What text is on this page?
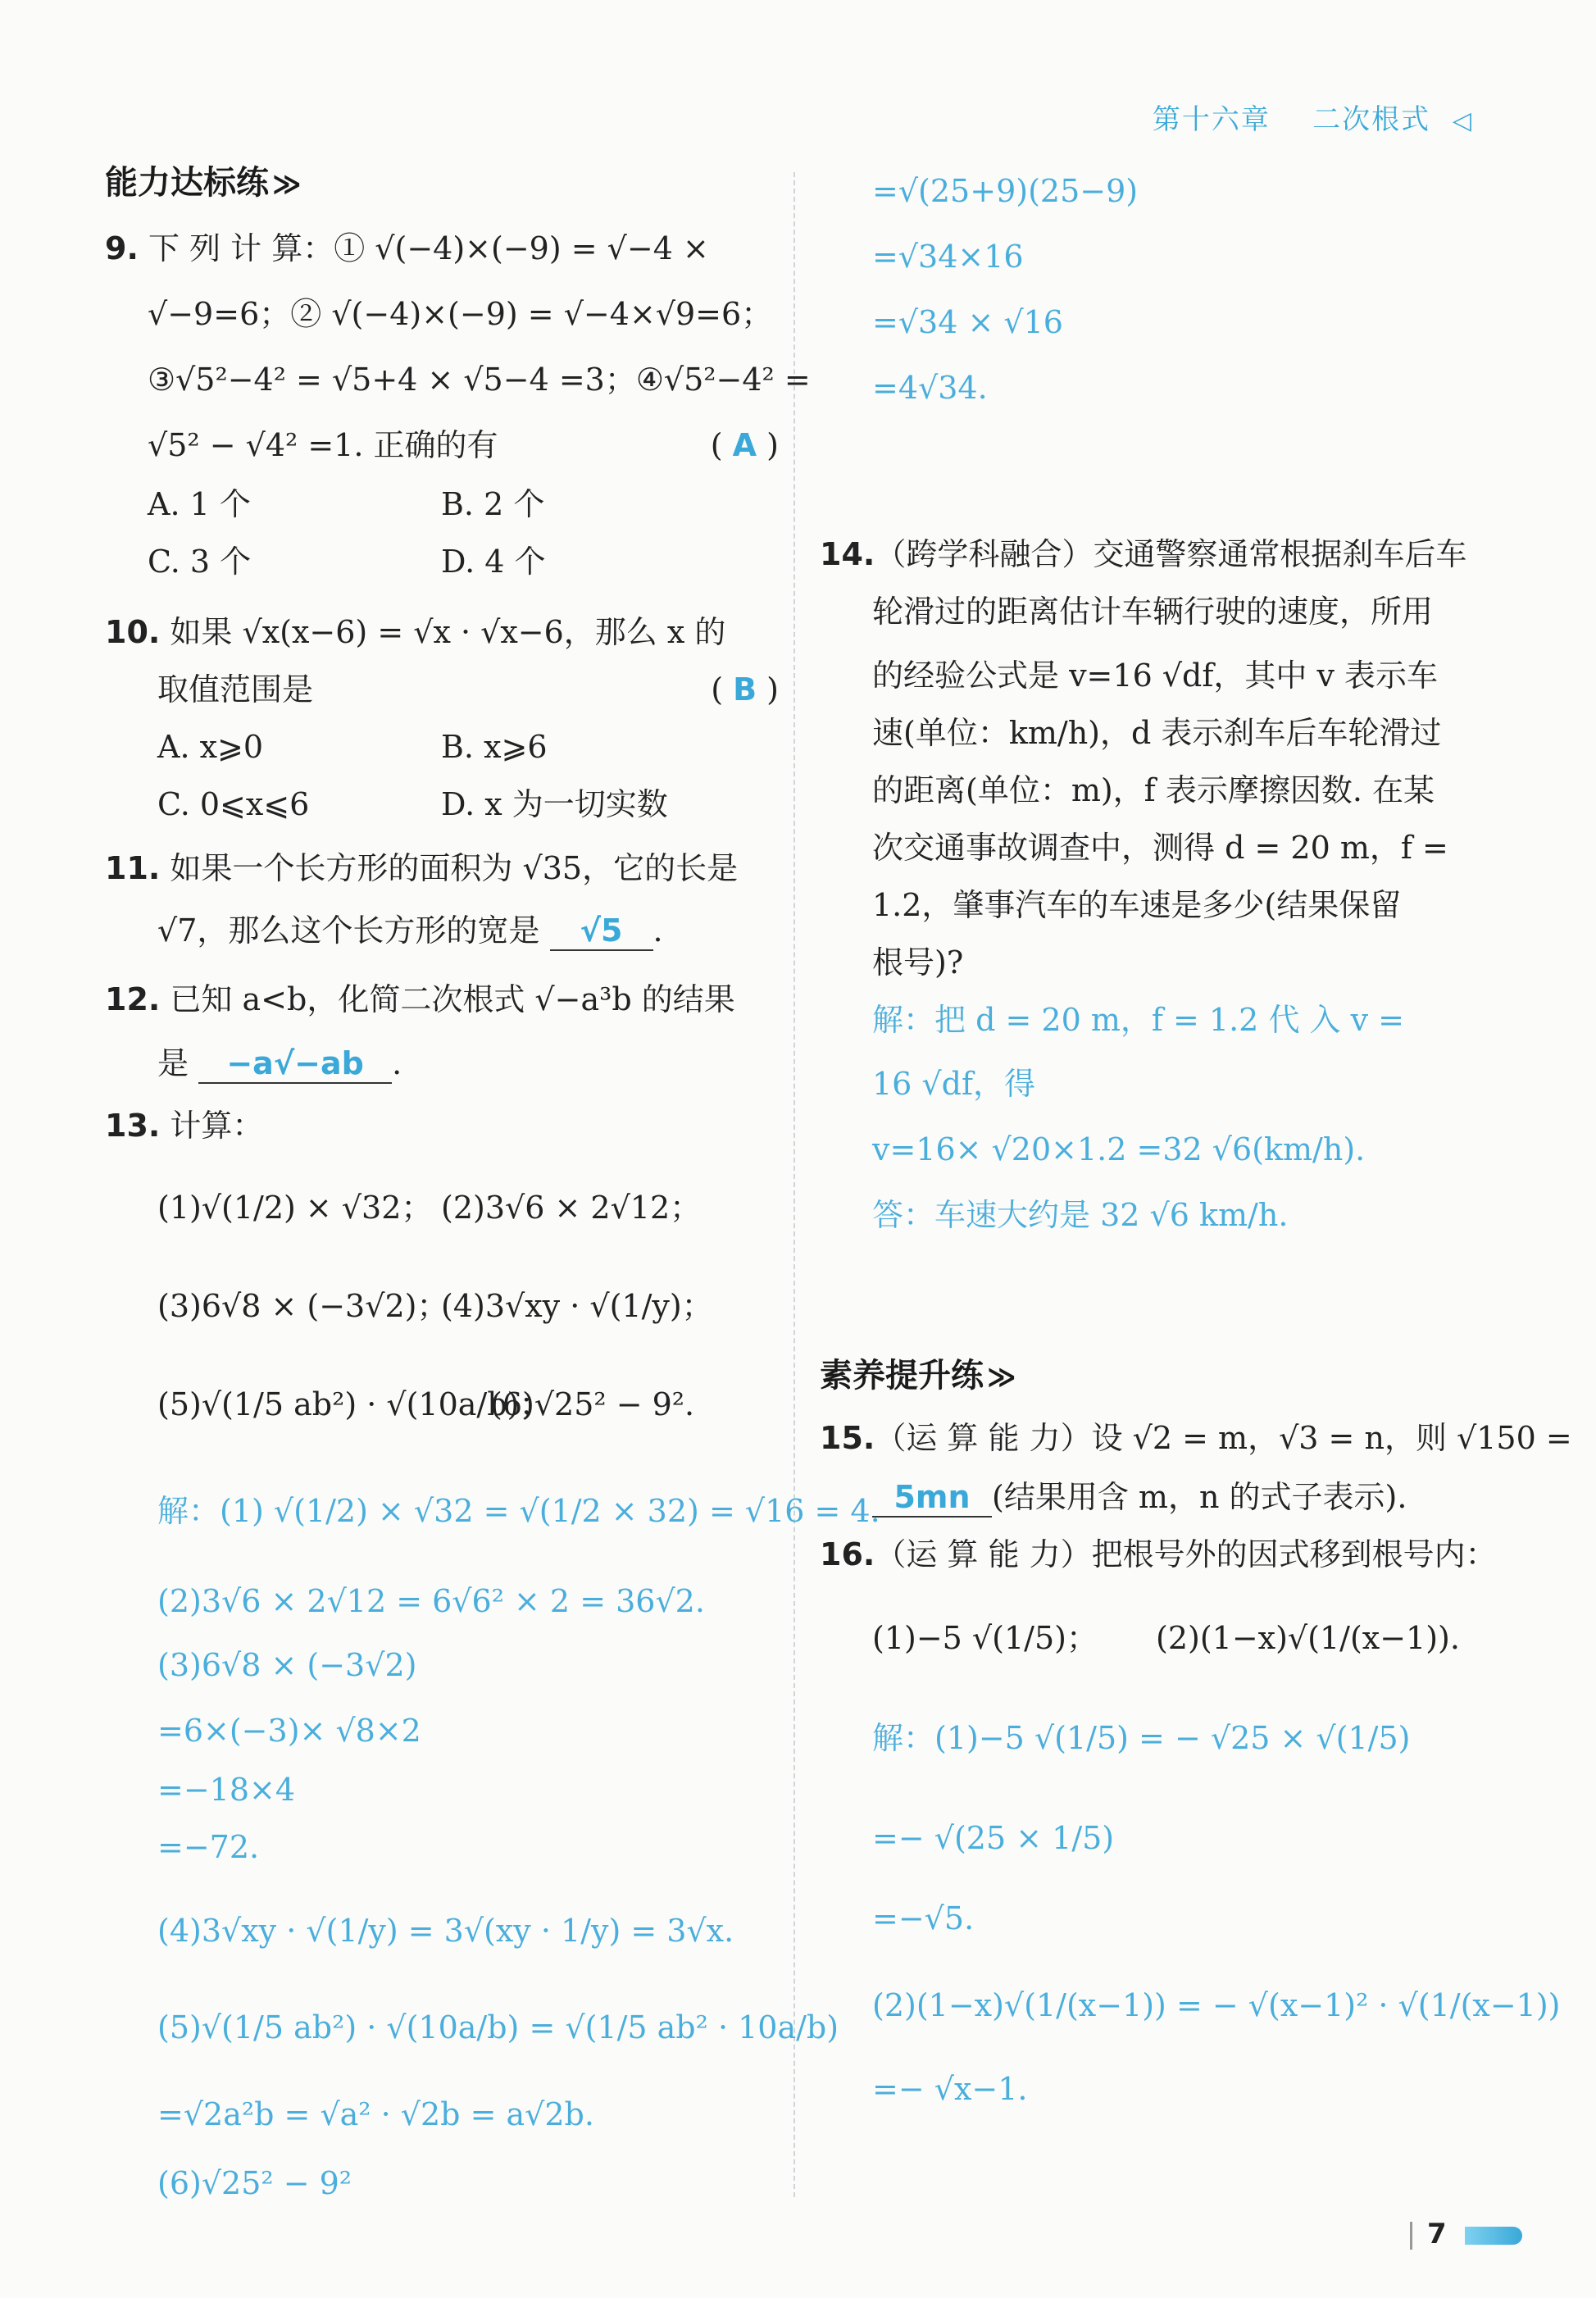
第十六章 二次根式 ◁
能力达标练 ≫
9. 下 列 计 算：① √(−4)×(−9) = √−4 ×
√−9=6；② √(−4)×(−9) = √−4×√9=6；
③√5²−4² = √5+4 × √5−4 =3；④√5²−4² =
√5² − √4² =1. 正确的有	( A )
A. 1 个	B. 2 个
C. 3 个	D. 4 个
10. 如果 √x(x−6) = √x · √x−6，那么 x 的
取值范围是	( B )
A. x⩾0	B. x⩾6
C. 0⩽x⩽6	D. x 为一切实数
11. 如果一个长方形的面积为 √35，它的长是
√7，那么这个长方形的宽是 √5 .
12. 已知 a<b，化简二次根式 √−a³b 的结果
是 −a√−ab .
13. 计算：
(1)√(1/2) × √32； (2)3√6 × 2√12；
(3)6√8 × (−3√2)；
(4)3√xy · √(1/y)；
(5)√(1/5 ab²) · √(10a/b)；
(6)√25² − 9².
解：(1) √(1/2) × √32 = √(1/2 × 32) = √16 = 4.
(2)3√6 × 2√12 = 6√6² × 2 = 36√2.
(3)6√8 × (−3√2)
=6×(−3)× √8×2
=−18×4
=−72.
(4)3√xy · √(1/y) = 3√(xy · 1/y) = 3√x.
(5)√(1/5 ab²) · √(10a/b) = √(1/5 ab² · 10a/b)
=√2a²b = √a² · √2b = a√2b.
(6)√25² − 9²
=√(25+9)(25−9)
=√34×16
=√34 × √16
=4√34.
14.（跨学科融合）交通警察通常根据刹车后车
轮滑过的距离估计车辆行驶的速度，所用
的经验公式是 v=16 √df，其中 v 表示车
速(单位：km/h)，d 表示刹车后车轮滑过
的距离(单位：m)，f 表示摩擦因数. 在某
次交通事故调查中，测得 d = 20 m，f =
1.2，肇事汽车的车速是多少(结果保留
根号)?
解：把 d = 20 m，f = 1.2 代 入 v =
16 √df，得
v=16× √20×1.2 =32 √6(km/h).
答：车速大约是 32 √6 km/h.
素养提升练 ≫
15.（运 算 能 力）设 √2 = m，√3 = n，则 √150 =
5mn (结果用含 m，n 的式子表示).
16.（运 算 能 力）把根号外的因式移到根号内：
(1)−5 √(1/5)； (2)(1−x)√(1/(x−1)).
解：(1)−5 √(1/5) = − √25 × √(1/5)
=− √(25 × 1/5)
=−√5.
(2)(1−x)√(1/(x−1)) = − √(x−1)² · √(1/(x−1))
=− √x−1.
7
